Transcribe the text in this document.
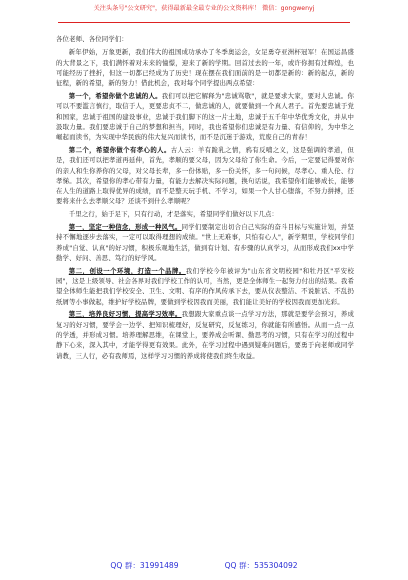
关注头条号"公文研究"，获得最新最全最专业的公文资料库！ 微信：gongwenyj

各位老师、各位同学们：

新年伊始，万象更新，我们伟大的祖国成功承办了冬季奥运会，女足勇夺亚洲杯冠军！在国运昌盛的大背景之下，我们满怀着对未来的憧憬，迎来了新的学期。回首过去的一年，或许你拥有过辉煌，也可能经历了挫折，但这一切都已经成为了历史！现在摆在我们面前的是一切都是新的：新的起点，新的征程，新的希望，新的努力！借此机会，我对每个同学提出两点希望：

第一个，希望你做个忠诚的人。我们可以把它解释为"忠诚骂敬"，就是要求大家，要对人忠诚。你可以不要滥言慎行，取信于人，更要忠贞不二，做忠诚的人，就要做到一个真人君子。首先要忠诚于党和国家，忠诚于祖国的建设事业，忠诚于我们脚下的这一片土地，忠诚于五千年中华优秀文化，并从中汲取力量。我们要忠诚于自己的梦想和担当，同时，我也希望你们忠诚是有力量、有信仰的，为中华之崛起而读书，为实现中华民族的伟大复兴而读书，而不是沉迷于游戏，荒废自己的青春！

第二个，希望你做个有孝心的人。古人云：羊有跪乳之情，鸦有反哺之义，这是强调的孝道，但是，我们还可以把孝道再延伸，首先，孝顺的要父母，因为父母给了你生命。今后，一定要记得要对你的亲人和生你养你的父母，对父母长辈，多一份体贴，多一份关怀，多一句问候，尽孝心、重人伦、行孝悌。其次，希望你的孝心带有力量，有能力去解决实际问题，换句话说，我希望你们能够成长，能够在人生的道路上取得优异的成绩，而不是整天玩手机、不学习，如果一个人甘心堕落，不努力拼搏，还要将来什么去孝顺父母？还谈不到什么孝顺呢？

千里之行，始于足下，只有行动，才是落实，希望同学们做好以下几点：

第一，坚定一种信念，形成一种风气。同学们要制定出切合自己实际的奋斗目标与实施计划，并坚持不懈地逐步去落实，一定可以取得理想的成绩。"世上无难事，只怕有心人"，新学期里，学校同学们养成"自觉、认真"的好习惯，积极乐观地生活，做到有计划、有步骤的认真学习，从而形成我们xx中学勤学、好问、善思、笃行的好学风。

第二，创设一个环境，打造一个品牌。我们学校今年被评为"山东省文明校园"和牡丹区"平安校园"，这是上级领导、社会各界对我们学校工作的认可，当然，更是全体师生一起努力付出的结果。我希望全体师生能把我们学校安全、卫生、文明、有序的作风传承下去，要从仪表整洁、不说脏话、不乱扔纸屑等小事做起，维护好学校品牌，要做到学校因我而美丽，我们能让美好的学校因我而更加光彩。

第三，培养良好习惯，提高学习效率。我想跟大家重点谈一点学习方法，那就是要学会预习，养成复习的好习惯，要学会一边学、把知识梳理好，反复研究，反复练习，你就能有所感悟。从而一点一点的学透，并形成习惯。培养理解思维，在课堂上，要养成会听课、勤思考的习惯，只有在学习的过程中静下心来，深入其中，才能学得更有效果。此外，在学习过程中遇到疑难问题后，要勇于向老师或同学请教，三人行，必有我师焉，这样学习习惯的养成将使我们终生收益。

QQ 群：31991489	QQ 群：535304092
